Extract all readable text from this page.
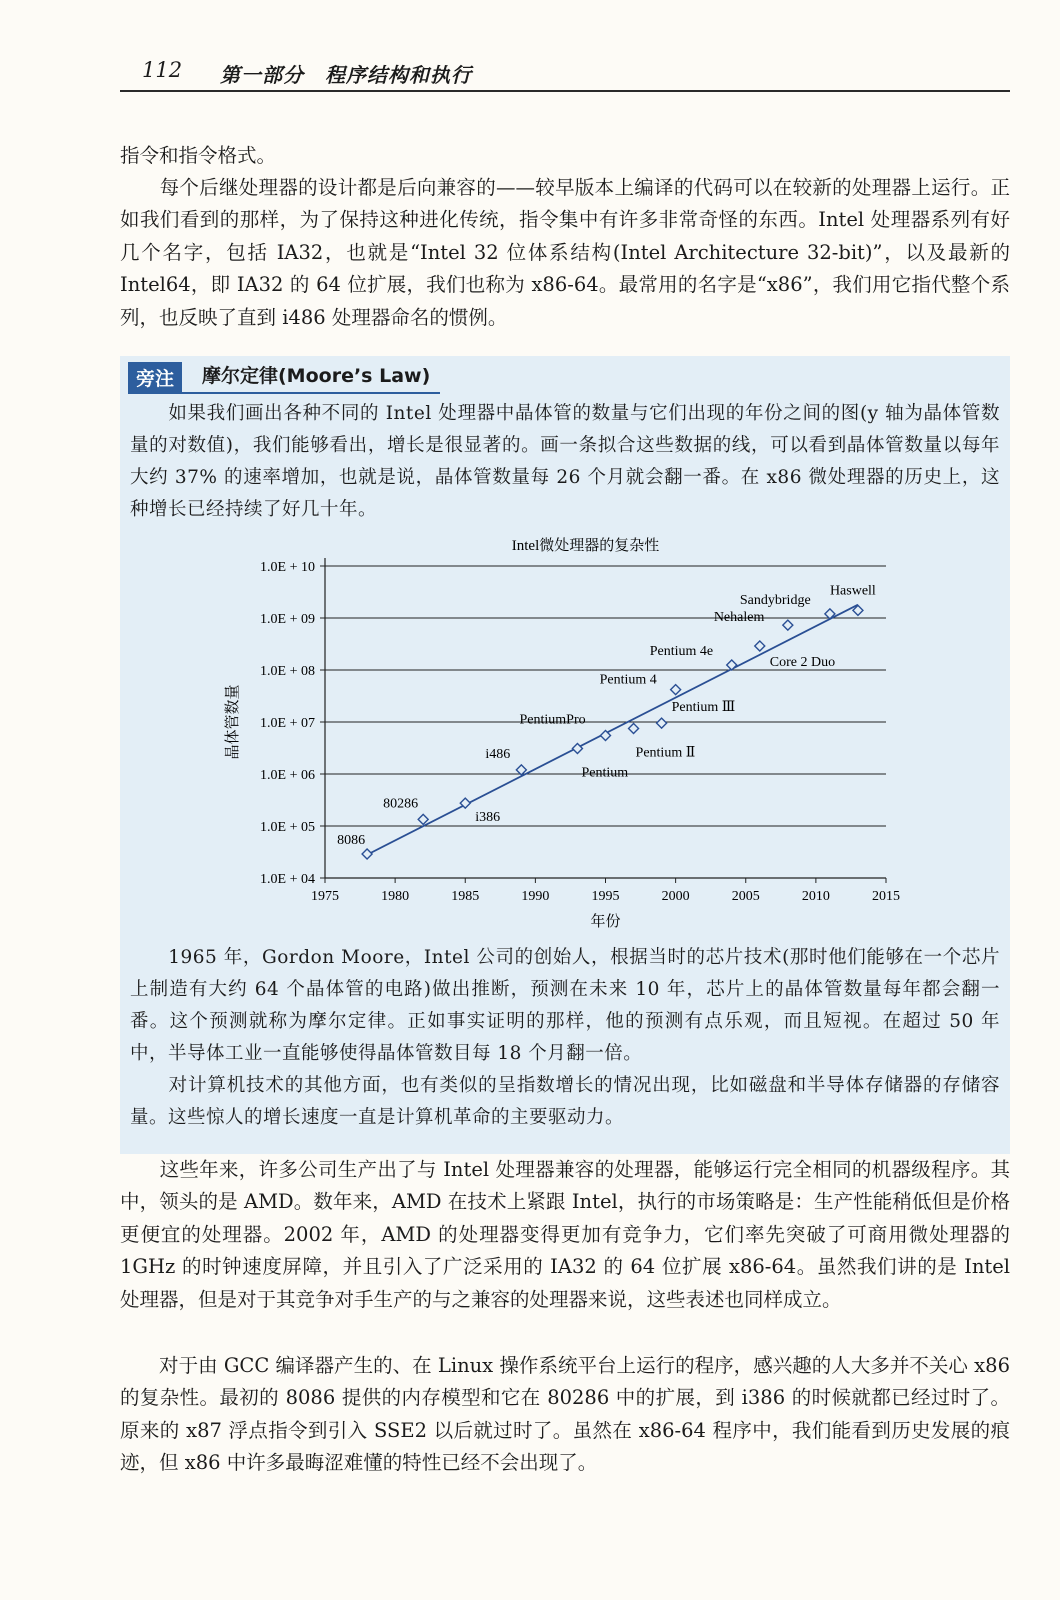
112 第一部分　程序结构和执行

指令和指令格式。

　　每个后继处理器的设计都是后向兼容的——较早版本上编译的代码可以在较新的处理器上运行。正如我们看到的那样，为了保持这种进化传统，指令集中有许多非常奇怪的东西。Intel 处理器系列有好几个名字，包括 IA32，也就是“Intel 32 位体系结构(Intel Architecture 32-bit)”，以及最新的 Intel64，即 IA32 的 64 位扩展，我们也称为 x86-64。最常用的名字是“x86”，我们用它指代整个系列，也反映了直到 i486 处理器命名的惯例。

旁注	摩尔定律(Moore’s Law)

　　如果我们画出各种不同的 Intel 处理器中晶体管的数量与它们出现的年份之间的图(y 轴为晶体管数量的对数值)，我们能够看出，增长是很显著的。画一条拟合这些数据的线，可以看到晶体管数量以每年大约 37% 的速率增加，也就是说，晶体管数量每 26 个月就会翻一番。在 x86 微处理器的历史上，这种增长已经持续了好几十年。

Intel微处理器的复杂性
1.0E + 04
1.0E + 05
1.0E + 06
1.0E + 07
1.0E + 08
1.0E + 09
1.0E + 10
1975	1980	1985	1990	1995	2000	2005	2010	2015
年份
晶体管数量
8086
80286
i386
i486
Pentium
PentiumPro
Pentium Ⅱ
Pentium Ⅲ
Pentium 4
Pentium 4e
Core 2 Duo
Nehalem
Sandybridge
Haswell

　　1965 年，Gordon Moore，Intel 公司的创始人，根据当时的芯片技术(那时他们能够在一个芯片上制造有大约 64 个晶体管的电路)做出推断，预测在未来 10 年，芯片上的晶体管数量每年都会翻一番。这个预测就称为摩尔定律。正如事实证明的那样，他的预测有点乐观，而且短视。在超过 50 年中，半导体工业一直能够使得晶体管数目每 18 个月翻一倍。

　　对计算机技术的其他方面，也有类似的呈指数增长的情况出现，比如磁盘和半导体存储器的存储容量。这些惊人的增长速度一直是计算机革命的主要驱动力。

　　这些年来，许多公司生产出了与 Intel 处理器兼容的处理器，能够运行完全相同的机器级程序。其中，领头的是 AMD。数年来，AMD 在技术上紧跟 Intel，执行的市场策略是：生产性能稍低但是价格更便宜的处理器。2002 年，AMD 的处理器变得更加有竞争力，它们率先突破了可商用微处理器的 1GHz 的时钟速度屏障，并且引入了广泛采用的 IA32 的 64 位扩展 x86-64。虽然我们讲的是 Intel 处理器，但是对于其竞争对手生产的与之兼容的处理器来说，这些表述也同样成立。

　　对于由 GCC 编译器产生的、在 Linux 操作系统平台上运行的程序，感兴趣的人大多并不关心 x86 的复杂性。最初的 8086 提供的内存模型和它在 80286 中的扩展，到 i386 的时候就都已经过时了。原来的 x87 浮点指令到引入 SSE2 以后就过时了。虽然在 x86-64 程序中，我们能看到历史发展的痕迹，但 x86 中许多最晦涩难懂的特性已经不会出现了。
